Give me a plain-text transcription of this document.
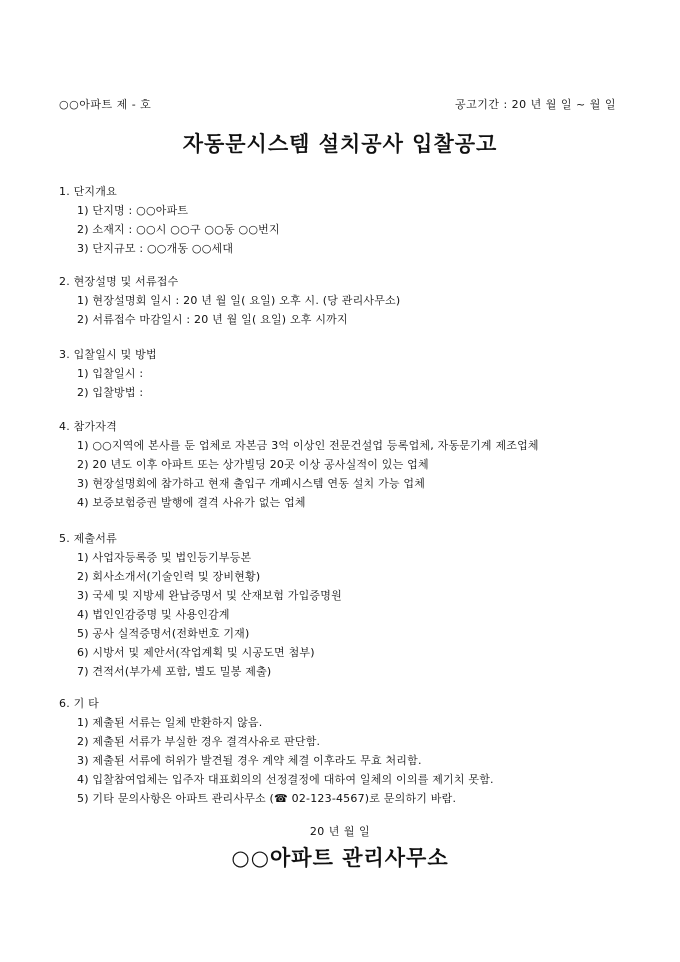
○○아파트 제 - 호	공고기간 : 20 년 월 일 ~ 월 일
자동문시스템 설치공사 입찰공고
1. 단지개요
1) 단지명 : ○○아파트
2) 소재지 : ○○시 ○○구 ○○동 ○○번지
3) 단지규모 : ○○개동 ○○세대
2. 현장설명 및 서류접수
1) 현장설명회 일시 : 20 년 월 일( 요일) 오후 시. (당 관리사무소)
2) 서류접수 마감일시 : 20 년 월 일( 요일) 오후 시까지
3. 입찰일시 및 방법
1) 입찰일시 :
2) 입찰방법 :
4. 참가자격
1) ○○지역에 본사를 둔 업체로 자본금 3억 이상인 전문건설업 등록업체, 자동문기계 제조업체
2) 20 년도 이후 아파트 또는 상가빌딩 20곳 이상 공사실적이 있는 업체
3) 현장설명회에 참가하고 현재 출입구 개폐시스템 연동 설치 가능 업체
4) 보증보험증권 발행에 결격 사유가 없는 업체
5. 제출서류
1) 사업자등록증 및 법인등기부등본
2) 회사소개서(기술인력 및 장비현황)
3) 국세 및 지방세 완납증명서 및 산재보험 가입증명원
4) 법인인감증명 및 사용인감계
5) 공사 실적증명서(전화번호 기재)
6) 시방서 및 제안서(작업계획 및 시공도면 첨부)
7) 견적서(부가세 포함, 별도 밀봉 제출)
6. 기 타
1) 제출된 서류는 일체 반환하지 않음.
2) 제출된 서류가 부실한 경우 결격사유로 판단함.
3) 제출된 서류에 허위가 발견될 경우 계약 체결 이후라도 무효 처리함.
4) 입찰참여업체는 입주자 대표회의의 선정결정에 대하여 일체의 이의를 제기치 못함.
5) 기타 문의사항은 아파트 관리사무소 (☎ 02-123-4567)로 문의하기 바람.
20 년 월 일
○○아파트 관리사무소
